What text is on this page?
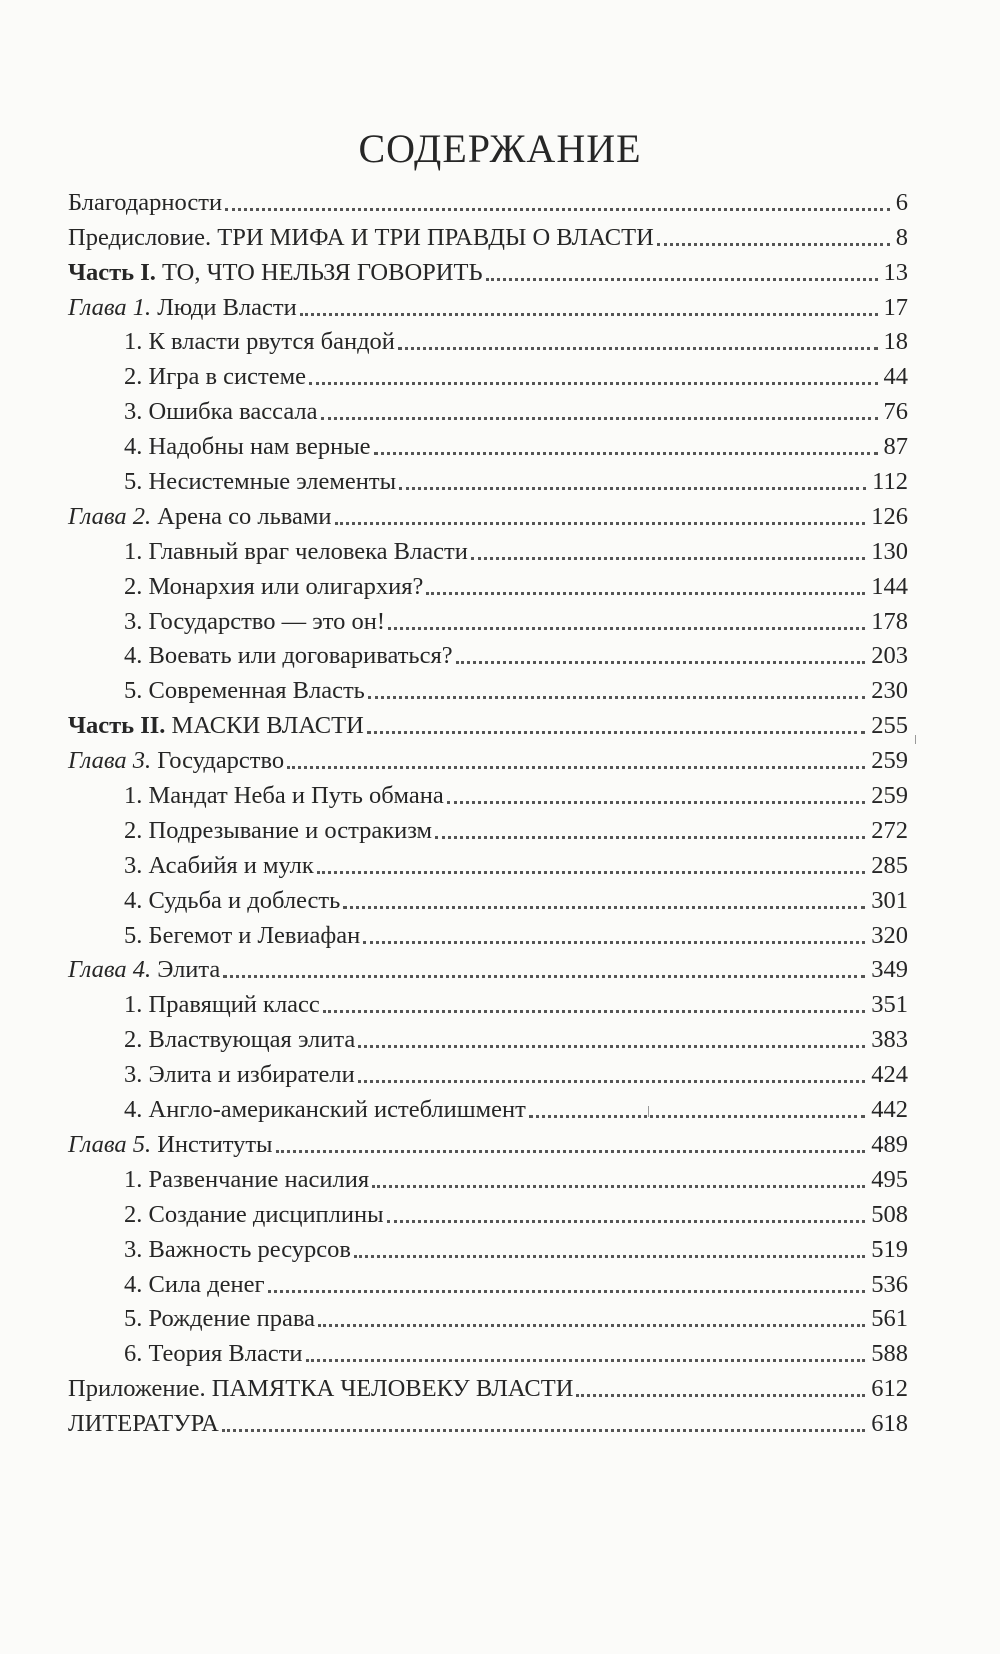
СОДЕРЖАНИЕ
Благодарности	6
Предисловие. ТРИ МИФА И ТРИ ПРАВДЫ О ВЛАСТИ	8
Часть I. ТО, ЧТО НЕЛЬЗЯ ГОВОРИТЬ	13
Глава 1. Люди Власти	17
1. К власти рвутся бандой	18
2. Игра в системе	44
3. Ошибка вассала	76
4. Надобны нам верные	87
5. Несистемные элементы	112
Глава 2. Арена со львами	126
1. Главный враг человека Власти	130
2. Монархия или олигархия?	144
3. Государство — это он!	178
4. Воевать или договариваться?	203
5. Современная Власть	230
Часть II. МАСКИ ВЛАСТИ	255
Глава 3. Государство	259
1. Мандат Неба и Путь обмана	259
2. Подрезывание и остракизм	272
3. Асабийя и мулк	285
4. Судьба и доблесть	301
5. Бегемот и Левиафан	320
Глава 4. Элита	349
1. Правящий класс	351
2. Властвующая элита	383
3. Элита и избиратели	424
4. Англо-американский истеблишмент	442
Глава 5. Институты	489
1. Развенчание насилия	495
2. Создание дисциплины	508
3. Важность ресурсов	519
4. Сила денег	536
5. Рождение права	561
6. Теория Власти	588
Приложение. ПАМЯТКА ЧЕЛОВЕКУ ВЛАСТИ	612
ЛИТЕРАТУРА	618
